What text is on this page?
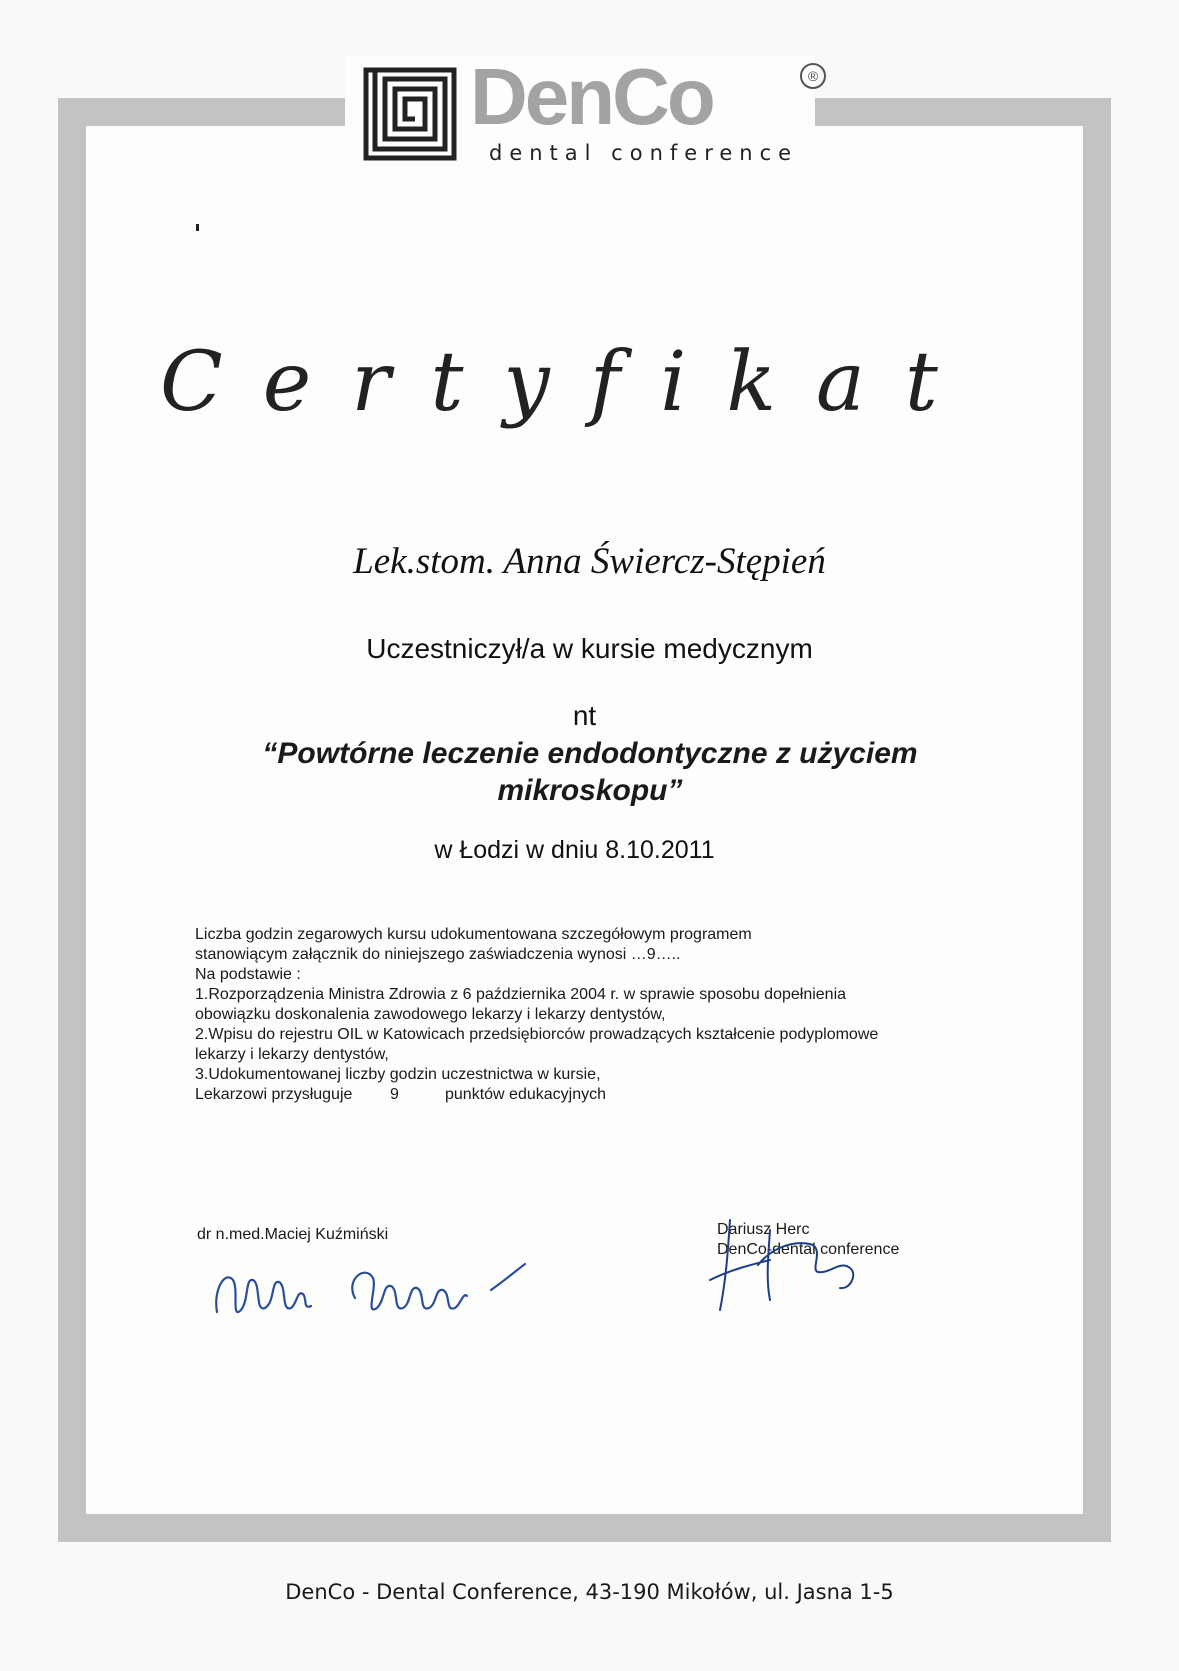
DenCo	®
dental conference
Certyfikat
Lek.stom. Anna Świercz-Stępień
Uczestniczył/a w kursie medycznym
nt
“Powtórne leczenie endodontyczne z użyciem
mikroskopu”
w Łodzi w dniu 8.10.2011

Liczba godzin zegarowych kursu udokumentowana szczegółowym programem

stanowiącym załącznik do niniejszego zaświadczenia wynosi …9…..

Na podstawie :

1.Rozporządzenia Ministra Zdrowia z 6 października 2004 r. w sprawie sposobu dopełnienia

obowiązku doskonalenia zawodowego lekarzy i lekarzy dentystów,

2.Wpisu do rejestru OIL w Katowicach przedsiębiorców prowadzących kształcenie podyplomowe

lekarzy i lekarzy dentystów,

3.Udokumentowanej liczby godzin uczestnictwa w kursie,

Lekarzowi przysługuje 9	punktów edukacyjnych

dr n.med.Maciej Kuźmiński	Dariusz Herc
DenCo-dental conference
DenCo - Dental Conference, 43-190 Mikołów, ul. Jasna 1-5
